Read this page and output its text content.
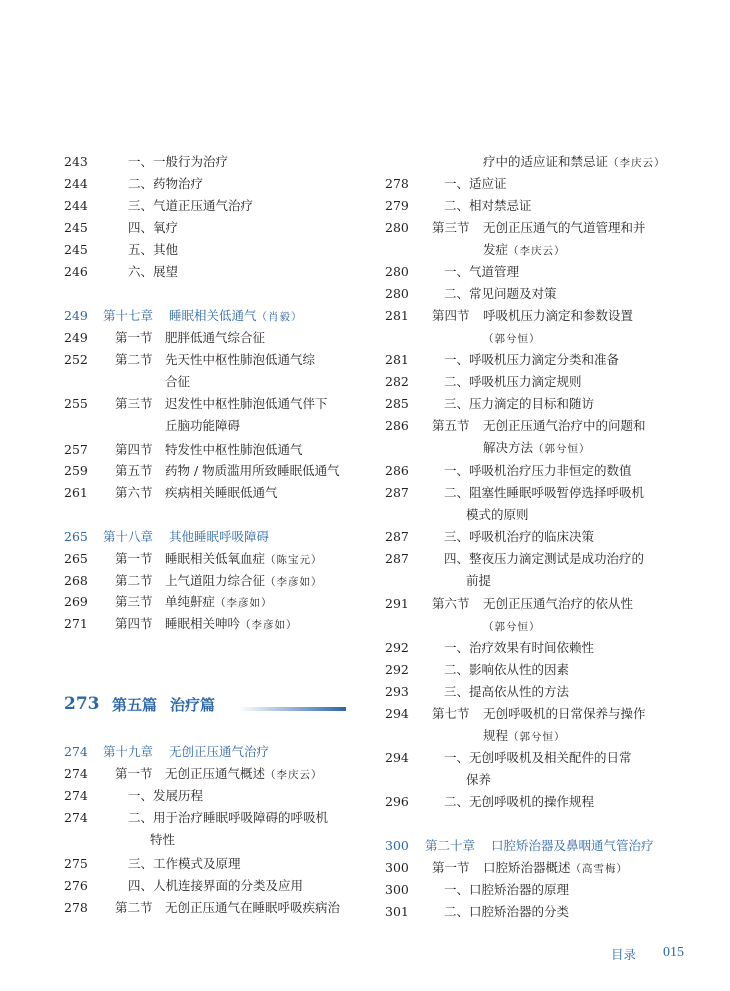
243	一、一般行为治疗
244	二、药物治疗
244	三、气道正压通气治疗
245	四、氧疗
245	五、其他
246	六、展望
249 第十七章 睡眠相关低通气 （肖毅）
249 第一节 肥胖低通气综合征
252 第二节 先天性中枢性肺泡低通气综
合征
255 第三节 迟发性中枢性肺泡低通气伴下
丘脑功能障碍
257 第四节 特发性中枢性肺泡低通气
259 第五节 药物 / 物质滥用所致睡眠低通气
261 第六节 疾病相关睡眠低通气
265 第十八章 其他睡眠呼吸障碍
265 第一节 睡眠相关低氧血症 （陈宝元）
268 第二节 上气道阻力综合征 （李彦如）
269 第三节 单纯鼾症 （李彦如）
271 第四节 睡眠相关呻吟 （李彦如）
273 第五篇 治疗篇
274 第十九章 无创正压通气治疗
274 第一节 无创正压通气概述 （李庆云）
274	一、发展历程
274	二、用于治疗睡眠呼吸障碍的呼吸机
特性
275	三、工作模式及原理
276	四、人机连接界面的分类及应用
278 第二节 无创正压通气在睡眠呼吸疾病治
疗中的适应证和禁忌证 （李庆云）
278	一、适应证
279	二、相对禁忌证
280 第三节 无创正压通气的气道管理和并
发症 （李庆云）
280	一、气道管理
280	二、常见问题及对策
281 第四节 呼吸机压力滴定和参数设置
（郭兮恒）
281	一、呼吸机压力滴定分类和准备
282	二、呼吸机压力滴定规则
285	三、压力滴定的目标和随访
286 第五节 无创正压通气治疗中的问题和
解决方法 （郭兮恒）
286	一、呼吸机治疗压力非恒定的数值
287	二、阻塞性睡眠呼吸暂停选择呼吸机
模式的原则
287	三、呼吸机治疗的临床决策
287	四、整夜压力滴定测试是成功治疗的
前提
291 第六节 无创正压通气治疗的依从性
（郭兮恒）
292	一、治疗效果有时间依赖性
292	二、影响依从性的因素
293	三、提高依从性的方法
294 第七节 无创呼吸机的日常保养与操作
规程 （郭兮恒）
294	一、无创呼吸机及相关配件的日常
保养
296	二、无创呼吸机的操作规程
300 第二十章 口腔矫治器及鼻咽通气管治疗
300 第一节 口腔矫治器概述 （高雪梅）
300	一、口腔矫治器的原理
301	二、口腔矫治器的分类
目录 015
